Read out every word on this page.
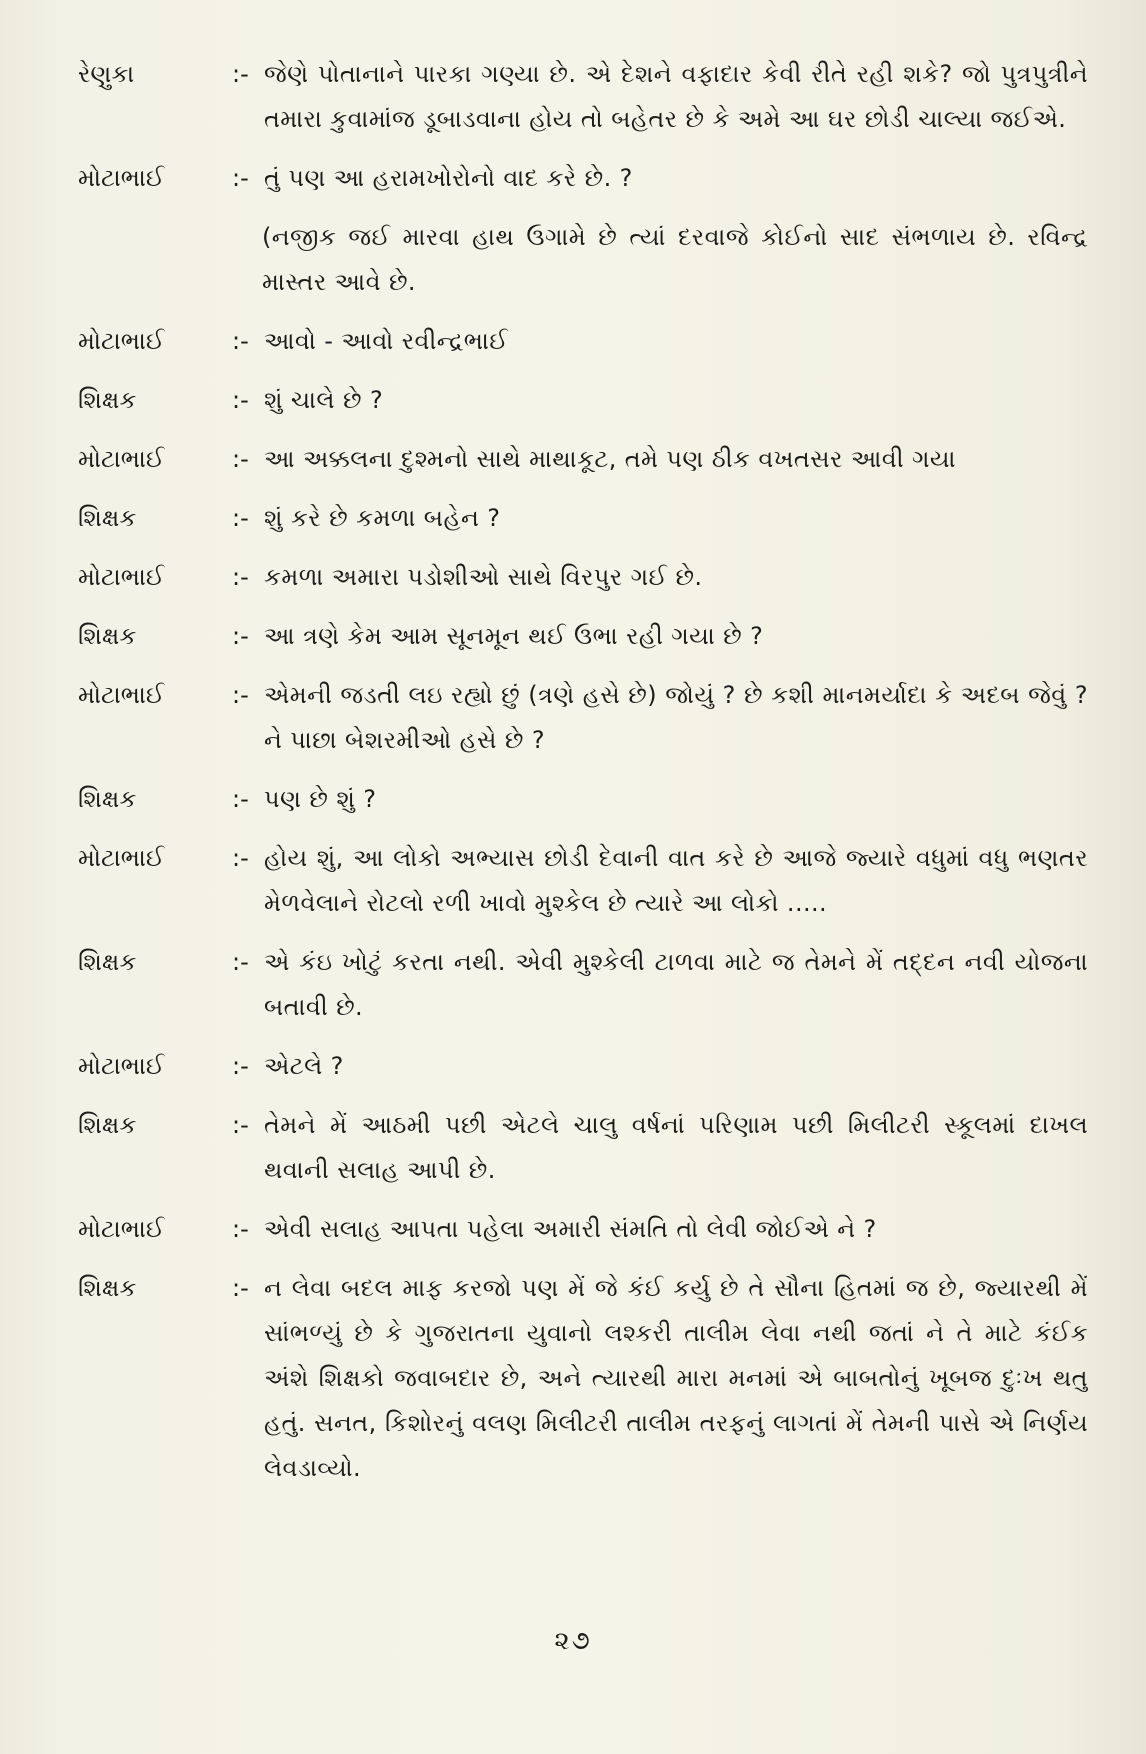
રેણુકા	:- જેણે પોતાનાને પારકા ગણ્યા છે. એ દેશને વફાદાર કેવી રીતે રહી શકે? જો પુત્રપુત્રીને તમારા કુવામાંજ ડૂબાડવાના હોય તો બહેતર છે કે અમે આ ઘર છોડી ચાલ્યા જઈએ.
મોટાભાઈ	:- તું પણ આ હરામખોરોનો વાદ કરે છે. ?
(નજીક જઈ મારવા હાથ ઉગામે છે ત્યાં દરવાજે કોઈનો સાદ સંભળાય છે. રવિન્દ્ર માસ્તર આવે છે.
મોટાભાઈ	:- આવો - આવો રવીન્દ્રભાઈ
શિક્ષક	:- શું ચાલે છે ?
મોટાભાઈ	:- આ અક્કલના દુશ્મનો સાથે માથાકૂટ, તમે પણ ઠીક વખતસર આવી ગયા
શિક્ષક	:- શું કરે છે કમળા બહેન ?
મોટાભાઈ	:- કમળા અમારા પડોશીઓ સાથે વિરપુર ગઈ છે.
શિક્ષક	:- આ ત્રણે કેમ આમ સૂનમૂન થઈ ઉભા રહી ગયા છે ?
મોટાભાઈ	:- એમની જડતી લઇ રહ્યો છું (ત્રણે હસે છે) જોયું ? છે કશી માનમર્યાદા કે અદબ જેવું ? ને પાછા બેશરમીઓ હસે છે ?
શિક્ષક	:- પણ છે શું ?
મોટાભાઈ	:- હોય શું, આ લોકો અભ્યાસ છોડી દેવાની વાત કરે છે આજે જ્યારે વધુમાં વધુ ભણતર મેળવેલાને રોટલો રળી ખાવો મુશ્કેલ છે ત્યારે આ લોકો .....
શિક્ષક	:- એ કંઇ ખોટું કરતા નથી. એવી મુશ્કેલી ટાળવા માટે જ તેમને મેં તદ્દન નવી યોજના બતાવી છે.
મોટાભાઈ	:- એટલે ?
શિક્ષક	:- તેમને મેં આઠમી પછી એટલે ચાલુ વર્ષનાં પરિણામ પછી મિલીટરી સ્કૂલમાં દાખલ થવાની સલાહ આપી છે.
મોટાભાઈ	:- એવી સલાહ આપતા પહેલા અમારી સંમતિ તો લેવી જોઈએ ને ?
શિક્ષક	:- ન લેવા બદલ માફ કરજો પણ મેં જે કંઈ કર્યુ છે તે સૌના હિતમાં જ છે, જ્યારથી મેં સાંભળ્યું છે કે ગુજરાતના યુવાનો લશ્કરી તાલીમ લેવા નથી જતાં ને તે માટે કંઈક અંશે શિક્ષકો જવાબદાર છે, અને ત્યારથી મારા મનમાં એ બાબતોનું ખૂબજ દુઃખ થતુ હતું. સનત, કિશોરનું વલણ મિલીટરી તાલીમ તરફનું લાગતાં મેં તેમની પાસે એ નિર્ણય લેવડાવ્યો.
૨૭
